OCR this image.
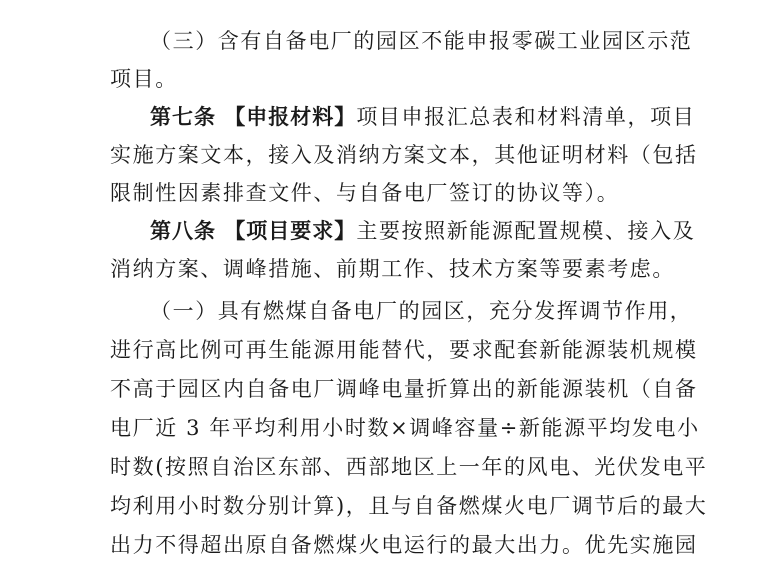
（三）含有自备电厂的园区不能申报零碳工业园区示范
项目。
第七条 【申报材料】项目申报汇总表和材料清单，项目
实施方案文本，接入及消纳方案文本，其他证明材料（包括
限制性因素排查文件、与自备电厂签订的协议等）。
第八条 【项目要求】主要按照新能源配置规模、接入及
消纳方案、调峰措施、前期工作、技术方案等要素考虑。
（一）具有燃煤自备电厂的园区，充分发挥调节作用，
进行高比例可再生能源用能替代，要求配套新能源装机规模
不高于园区内自备电厂调峰电量折算出的新能源装机（自备
电厂近 3 年平均利用小时数×调峰容量÷新能源平均发电小
时数(按照自治区东部、西部地区上一年的风电、光伏发电平
均利用小时数分别计算)，且与自备燃煤火电厂调节后的最大
出力不得超出原自备燃煤火电运行的最大出力。优先实施园
